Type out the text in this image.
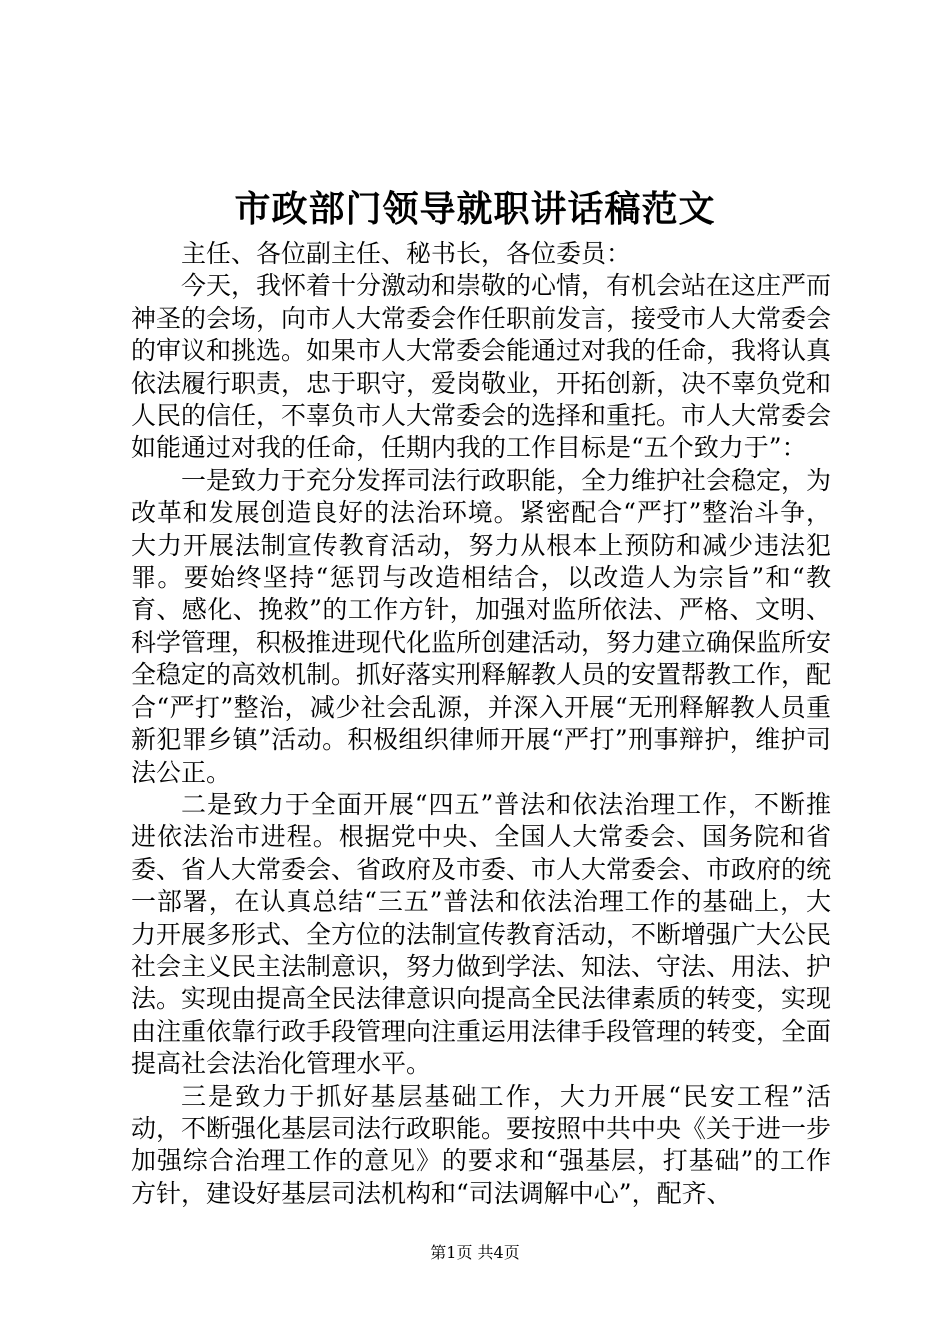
市政部门领导就职讲话稿范文

主任、各位副主任、秘书长，各位委员：

今天，我怀着十分激动和崇敬的心情，有机会站在这庄严而神圣的会场，向市人大常委会作任职前发言，接受市人大常委会的审议和挑选。如果市人大常委会能通过对我的任命，我将认真依法履行职责，忠于职守，爱岗敬业，开拓创新，决不辜负党和人民的信任，不辜负市人大常委会的选择和重托。市人大常委会如能通过对我的任命，任期内我的工作目标是“五个致力于”：

一是致力于充分发挥司法行政职能，全力维护社会稳定，为改革和发展创造良好的法治环境。紧密配合“严打”整治斗争，大力开展法制宣传教育活动，努力从根本上预防和减少违法犯罪。要始终坚持“惩罚与改造相结合，以改造人为宗旨”和“教育、感化、挽救”的工作方针，加强对监所依法、严格、文明、科学管理，积极推进现代化监所创建活动，努力建立确保监所安全稳定的高效机制。抓好落实刑释解教人员的安置帮教工作，配合“严打”整治，减少社会乱源，并深入开展“无刑释解教人员重新犯罪乡镇”活动。积极组织律师开展“严打”刑事辩护，维护司法公正。

二是致力于全面开展“四五”普法和依法治理工作，不断推进依法治市进程。根据党中央、全国人大常委会、国务院和省委、省人大常委会、省政府及市委、市人大常委会、市政府的统一部署，在认真总结“三五”普法和依法治理工作的基础上，大力开展多形式、全方位的法制宣传教育活动，不断增强广大公民社会主义民主法制意识，努力做到学法、知法、守法、用法、护法。实现由提高全民法律意识向提高全民法律素质的转变，实现由注重依靠行政手段管理向注重运用法律手段管理的转变，全面提高社会法治化管理水平。

三是致力于抓好基层基础工作，大力开展“民安工程”活动，不断强化基层司法行政职能。要按照中共中央《关于进一步加强综合治理工作的意见》的要求和“强基层，打基础”的工作方针，建设好基层司法机构和“司法调解中心”，配齐、

第1页 共4页
